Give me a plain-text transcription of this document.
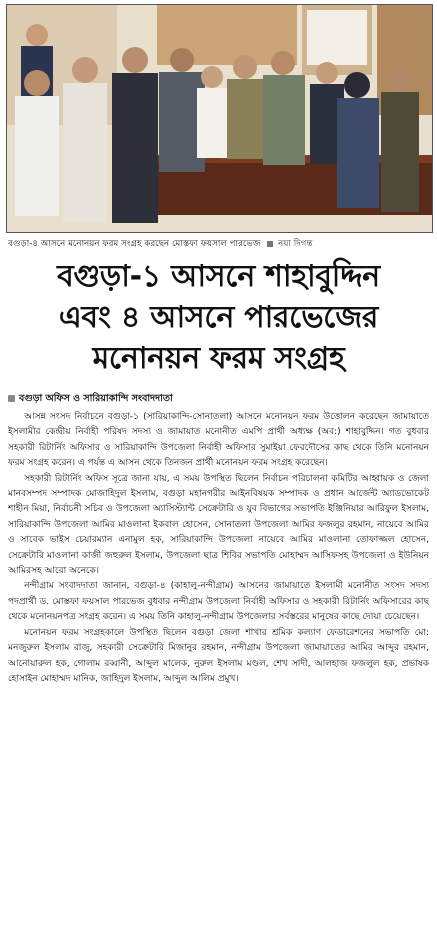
বগুড়া-৪ আসনে মনোনয়ন ফরম সংগ্রহ করছেন মোস্তফা ফয়সাল পারভেজ নয়া দিগন্ত
বগুড়া-১ আসনে শাহাবুদ্দিন
এবং ৪ আসনে পারভেজের
মনোনয়ন ফরম সংগ্রহ
বগুড়া অফিস ও সারিয়াকান্দি সংবাদদাতা

আসন্ন সংসদ নির্বাচনে বগুড়া-১ (সারিয়াকান্দি-সোনাতলা) আসনে মনোনয়ন ফরম উত্তোলন করেছেন জামায়াতে ইসলামীর কেন্দ্রীয় নির্বাহী পরিষদ সদস্য ও জামায়াত মনোনীত এমপি প্রার্থী অধ্যক্ষ (অব:) শাহাবুদ্দিন। গত বুধবার সহকারী রিটার্নিং অফিসার ও সারিয়াকান্দি উপজেলা নির্বাহী অফিসার সুমাইয়া ফেরদৌসের কাছ থেকে তিনি মনোনয়ন ফরম সংগ্রহ করেন। এ পর্যন্ত এ আসন থেকে তিনজন প্রার্থী মনোনয়ন ফরম সংগ্রহ করেছেন।

সহকারী রিটার্নিং অফিস সূত্রে জানা যায়, এ সময় উপস্থিত ছিলেন নির্বাচন পরিচালনা কমিটির আহ্বায়ক ও জেলা মানবসম্পদ সম্পাদক মোজাহিদুল ইসলাম, বগুড়া মহানগরীর আইনবিষয়ক সম্পাদক ও প্রধান আর্জেন্ট অ্যাডভোকেট শাহীন মিয়া, নির্বাচনী সচিব ও উপজেলা অ্যাসিস্ট্যান্ট সেক্রেটারি ও যুব বিভাগের সভাপতি ইঞ্জিনিয়ার আরিফুল ইসলাম, সারিয়াকান্দি উপজেলা আমির মাওলানা ইকবাল হোসেন, সোনাতলা উপজেলা আমির ফজলুর রহমান, নায়েবে আমির ও সাবেক ভাইস চেয়ারম্যান এনামুল হক, সারিয়াকান্দি উপজেলা নায়েবে আমির মাওলানা তোফাজ্জল হোসেন, সেক্রেটারি মাওলানা কাজী জহুরুল ইসলাম, উপজেলা ছাত্র শিবির সভাপতি মোহাম্মদ আসিফসহ উপজেলা ও ইউনিয়ন আমিরসহ আরো অনেকে।

নন্দীগ্রাম সংবাদদাতা জানান, বগুড়া-৪ (কাহালু-নন্দীগ্রাম) আসনের জামায়াতে ইসলামী মনোনীত সংসদ সদস্য পদপ্রার্থী ড. মোস্তফা ফয়সাল পারভেজ বুধবার নন্দীগ্রাম উপজেলা নির্বাহী অফিসার ও সহকারী রিটার্নিং অফিসারের কাছ থেকে মনোনয়নপত্র সংগ্রহ করেন। এ সময় তিনি কাহালু-নন্দীগ্রাম উপজেলার সর্বস্তরের মানুষের কাছে দোয়া চেয়েছেন।

মনোনয়ন ফরম সংগ্রহকালে উপস্থিত ছিলেন বগুড়া জেলা শাখার শ্রমিক কল্যাণ ফেডারেশনের সভাপতি মো: মনজুরুল ইসলাম রাজু, সহকারী সেক্রেটারি মিজানুর রহমান, নন্দীগ্রাম উপজেলা জামায়াতের আমির আব্দুর রহমান, আনোয়ারুল হক, গোলাম রব্বানী, আব্দুল মালেক, নুরুল ইসলাম মণ্ডল, শেখ সাদী, আলহাজ ফজলুল হক, প্রভাষক হোসাইন মোহাম্মদ মানিক, জাহিদুল ইসলাম, আব্দুল আলিম প্রমুখ।
